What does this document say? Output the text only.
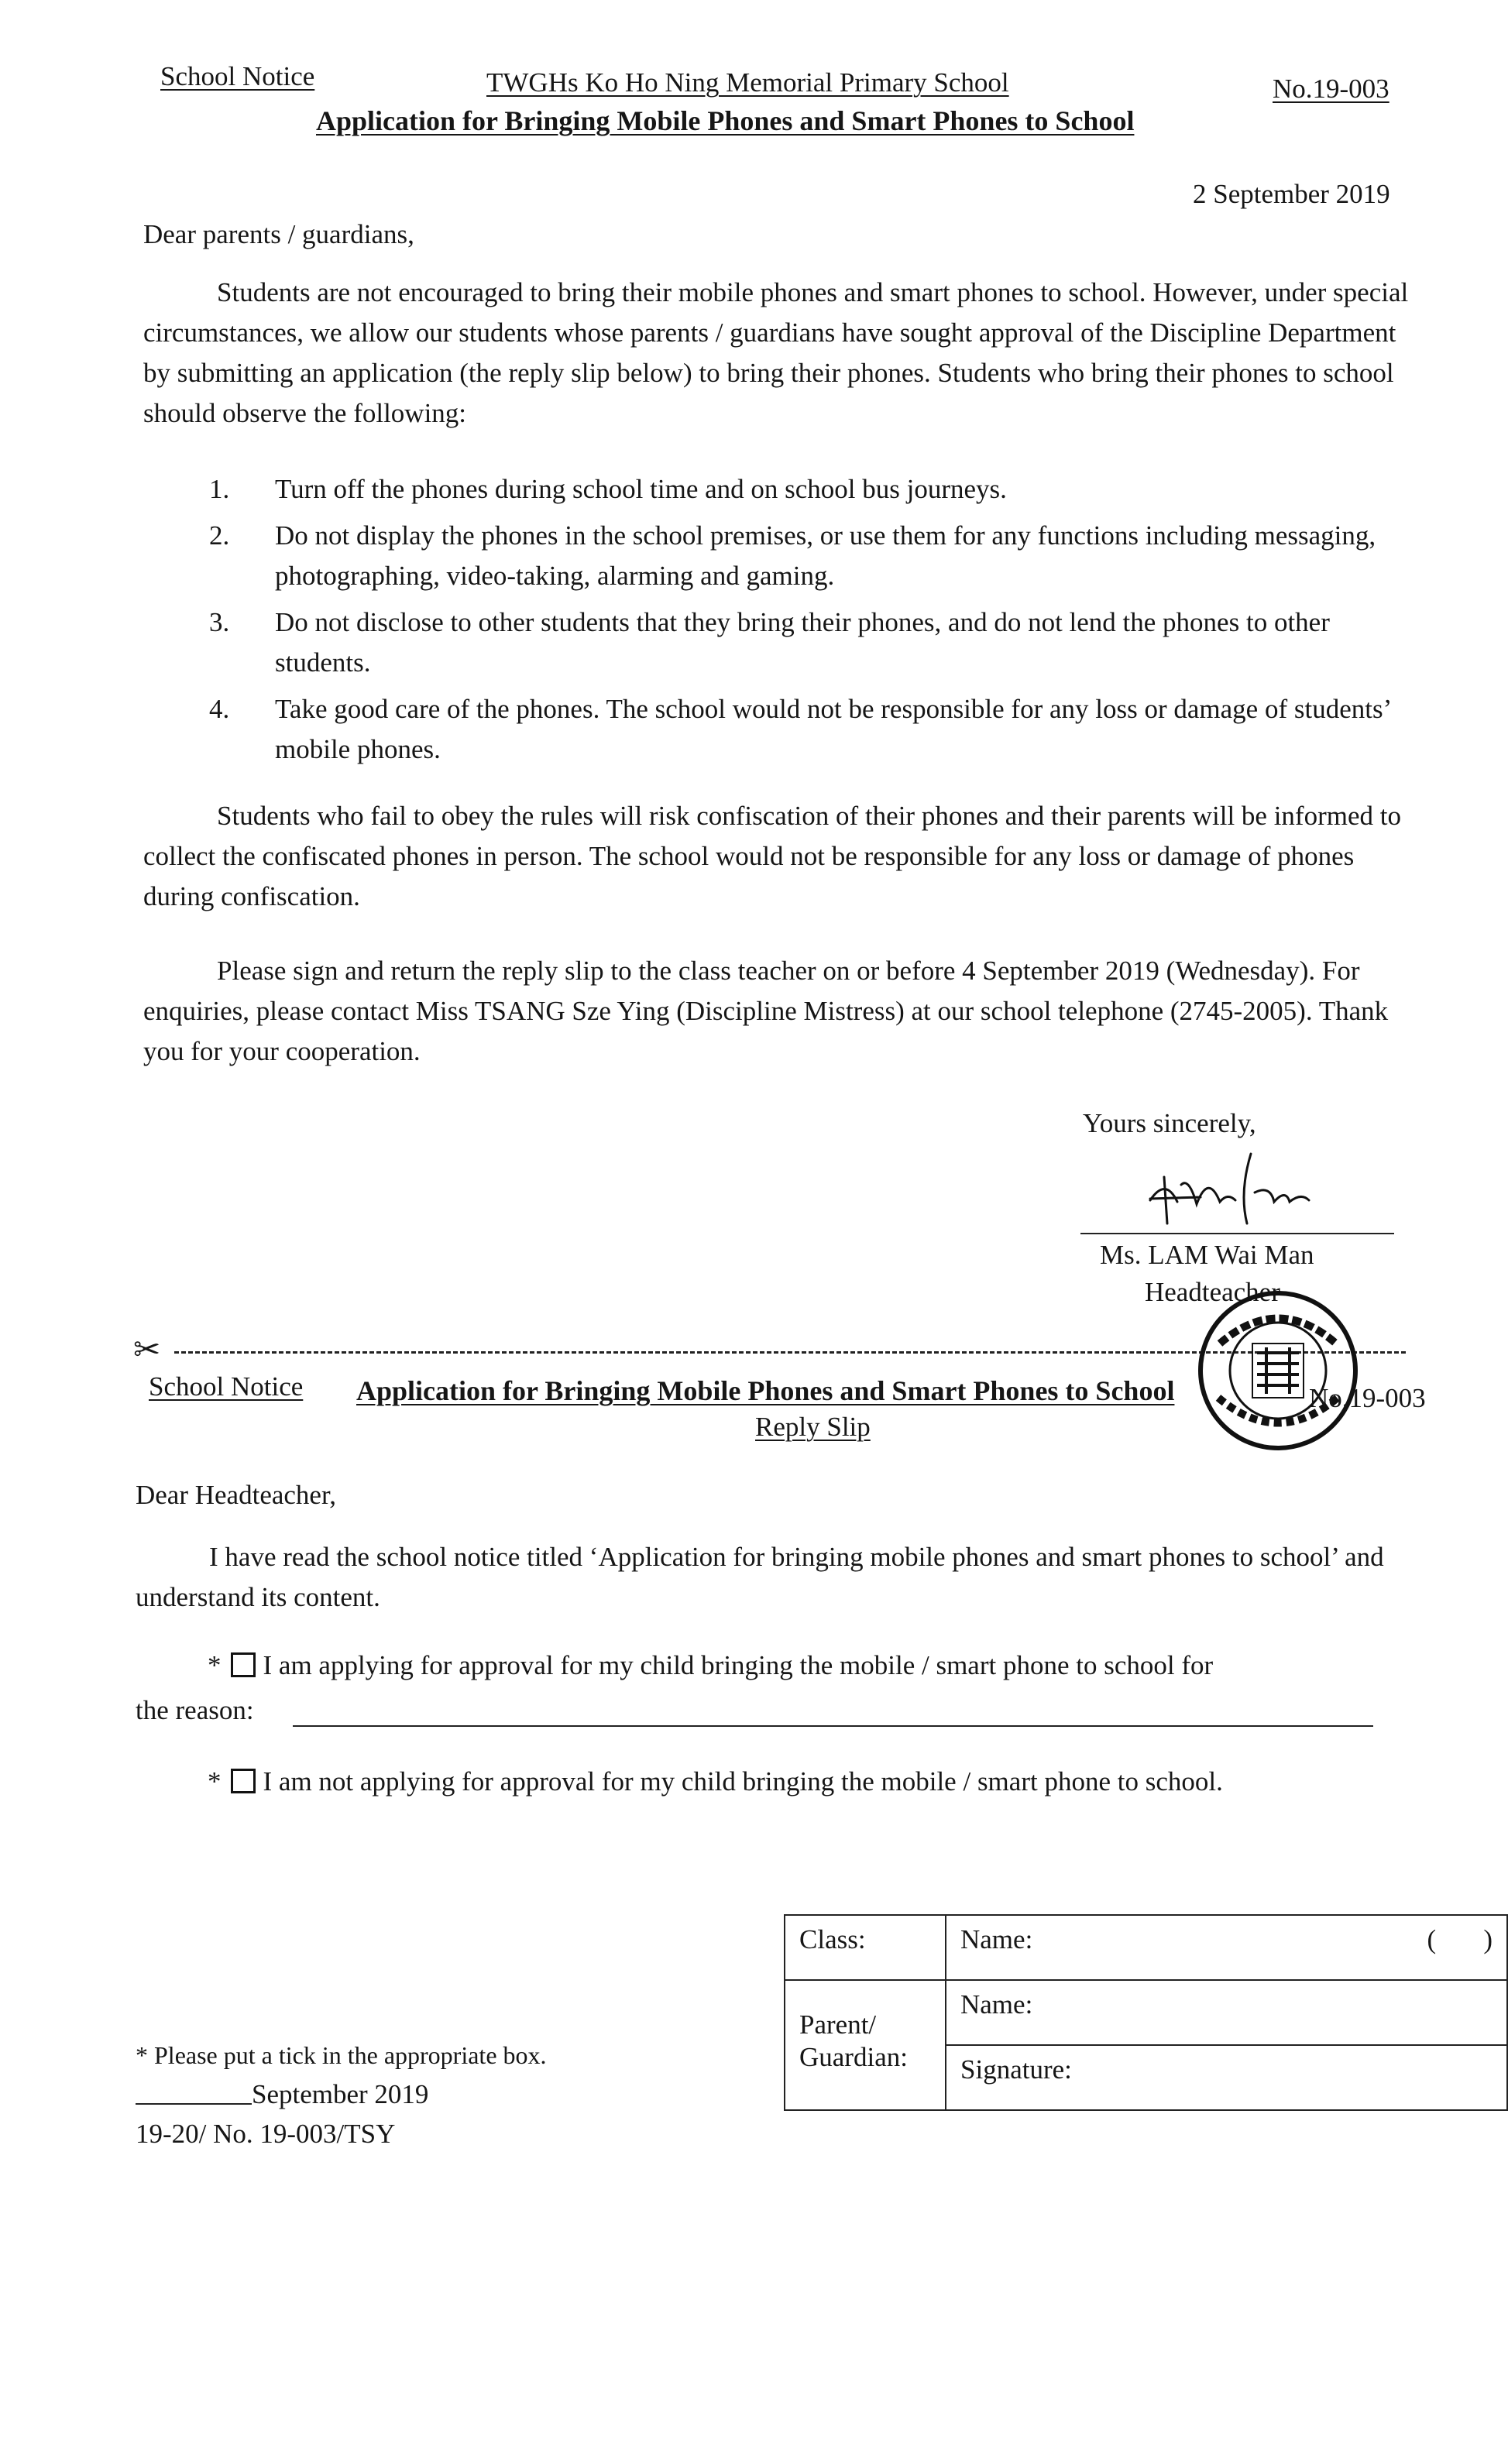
School Notice	TWGHs Ko Ho Ning Memorial Primary School	No.19-003
Application for Bringing Mobile Phones and Smart Phones to School
2 September 2019
Dear parents / guardians,
Students are not encouraged to bring their mobile phones and smart phones to school. However, under special circumstances, we allow our students whose parents / guardians have sought approval of the Discipline Department by submitting an application (the reply slip below) to bring their phones. Students who bring their phones to school should observe the following:
1. Turn off the phones during school time and on school bus journeys.
2. Do not display the phones in the school premises, or use them for any functions including messaging, photographing, video-taking, alarming and gaming.
3. Do not disclose to other students that they bring their phones, and do not lend the phones to other students.
4. Take good care of the phones. The school would not be responsible for any loss or damage of students’ mobile phones.
Students who fail to obey the rules will risk confiscation of their phones and their parents will be informed to collect the confiscated phones in person. The school would not be responsible for any loss or damage of phones during confiscation.
Please sign and return the reply slip to the class teacher on or before 4 September 2019 (Wednesday). For enquiries, please contact Miss TSANG Sze Ying (Discipline Mistress) at our school telephone (2745-2005). Thank you for your cooperation.
Yours sincerely,
Ms. LAM Wai Man
Headteacher
✂
School Notice Application for Bringing Mobile Phones and Smart Phones to School	No.19-003
Reply Slip
Dear Headteacher,
I have read the school notice titled ‘Application for bringing mobile phones and smart phones to school’ and understand its content.
* I am applying for approval for my child bringing the mobile / smart phone to school for
the reason:
* I am not applying for approval for my child bringing the mobile / smart phone to school.
Class:	Name: (       )

Parent/ Guardian:	Name:
	Signature:
* Please put a tick in the appropriate box.
September 2019
19-20/ No. 19-003/TSY
